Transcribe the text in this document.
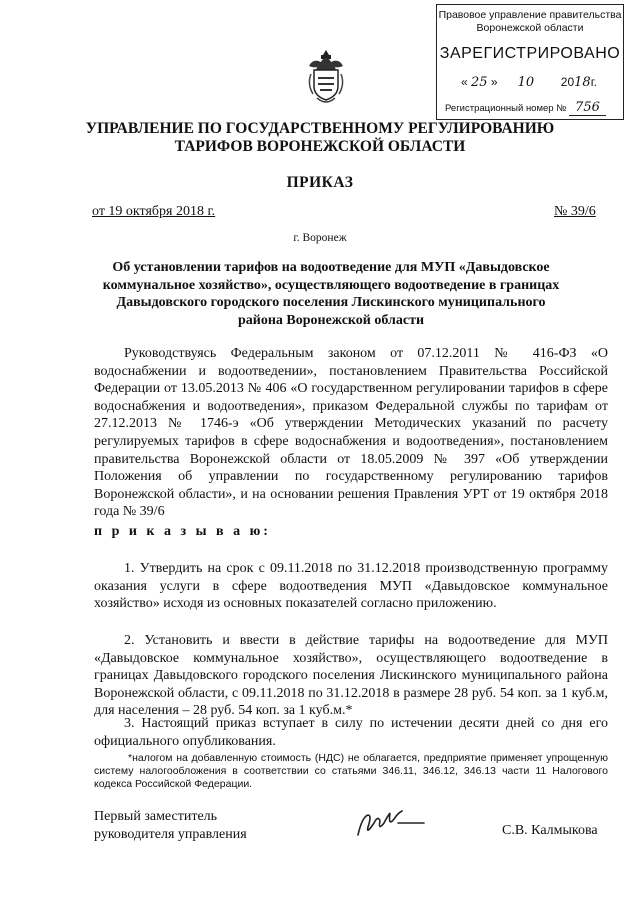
Правовое управление правительства
Воронежской области
ЗАРЕГИСТРИРОВАНО
« 25 »      10 2018г.
Регистрационный номер № 756
УПРАВЛЕНИЕ ПО ГОСУДАРСТВЕННОМУ РЕГУЛИРОВАНИЮ
ТАРИФОВ ВОРОНЕЖСКОЙ ОБЛАСТИ
ПРИКАЗ
от 19 октября 2018 г.	№ 39/6
г. Воронеж
Об установлении тарифов на водоотведение для МУП «Давыдовское коммунальное хозяйство», осуществляющего водоотведение в границах Давыдовского городского поселения Лискинского муниципального района Воронежской области
Руководствуясь Федеральным законом от 07.12.2011 № 416-ФЗ «О водоснабжении и водоотведении», постановлением Правительства Российской Федерации от 13.05.2013 № 406 «О государственном регулировании тарифов в сфере водоснабжения и водоотведения», приказом Федеральной службы по тарифам от 27.12.2013 № 1746-э «Об утверждении Методических указаний по расчету регулируемых тарифов в сфере водоснабжения и водоотведения», постановлением правительства Воронежской области от 18.05.2009 № 397 «Об утверждении Положения об управлении по государственному регулированию тарифов Воронежской области», и на основании решения Правления УРТ от 19 октября 2018 года № 39/6
п р и к а з ы в а ю:
1. Утвердить на срок с 09.11.2018 по 31.12.2018 производственную программу оказания услуги в сфере водоотведения МУП «Давыдовское коммунальное хозяйство» исходя из основных показателей согласно приложению.
2. Установить и ввести в действие тарифы на водоотведение для МУП «Давыдовское коммунальное хозяйство», осуществляющего водоотведение в границах Давыдовского городского поселения Лискинского муниципального района Воронежской области, с 09.11.2018 по 31.12.2018 в размере 28 руб. 54 коп. за 1 куб.м, для населения – 28 руб. 54 коп. за 1 куб.м.*
3. Настоящий приказ вступает в силу по истечении десяти дней со дня его официального опубликования.
*налогом на добавленную стоимость (НДС) не облагается, предприятие применяет упрощенную систему налогообложения в соответствии со статьями 346.11, 346.12, 346.13 части 11 Налогового кодекса Российской Федерации.
Первый заместитель
руководителя управления	С.В. Калмыкова
